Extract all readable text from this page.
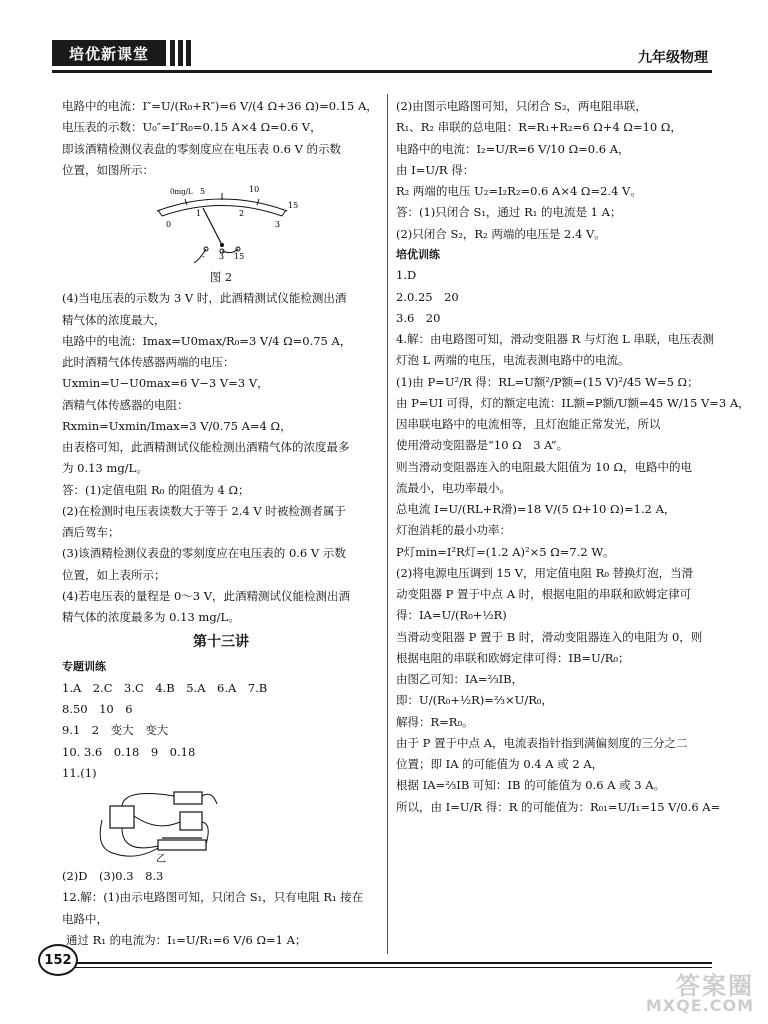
培优新课堂	九年级物理

电路中的电流：I″=U/(R₀+R″)=6 V/(4 Ω+36 Ω)=0.15 A，

电压表的示数：U₀″=I″R₀=0.15 A×4 Ω=0.6 V，

即该酒精检测仪表盘的零刻度应在电压表 0.6 V 的示数

位置，如图所示：

0mg/L 5	10
15
0
1	2
3
- 3 15

图 2

(4)当电压表的示数为 3 V 时，此酒精测试仪能检测出酒

精气体的浓度最大，

电路中的电流：Imax=U0max/R₀=3 V/4 Ω=0.75 A，

此时酒精气体传感器两端的电压：

Uxmin=U−U0max=6 V−3 V=3 V，

酒精气体传感器的电阻：

Rxmin=Uxmin/Imax=3 V/0.75 A=4 Ω，

由表格可知，此酒精测试仪能检测出酒精气体的浓度最多

为 0.13 mg/L。

答：(1)定值电阻 R₀ 的阻值为 4 Ω；

(2)在检测时电压表读数大于等于 2.4 V 时被检测者属于

酒后驾车；

(3)该酒精检测仪表盘的零刻度应在电压表的 0.6 V 示数

位置，如上表所示；

(4)若电压表的量程是 0～3 V，此酒精测试仪能检测出酒

精气体的浓度最多为 0.13 mg/L。

第十三讲
专题训练

1.A　2.C　3.C　4.B　5.A　6.A　7.B

8.50　10　6

9.1　2　变大　变大

10. 3.6　0.18　9　0.18

11.(1)

乙

(2)D　(3)0.3　8.3

12.解：(1)由示电路图可知，只闭合 S₁，只有电阻 R₁ 接在

电路中，

通过 R₁ 的电流为：I₁=U/R₁=6 V/6 Ω=1 A；

(2)由图示电路图可知，只闭合 S₂，两电阻串联，

R₁、R₂ 串联的总电阻：R=R₁+R₂=6 Ω+4 Ω=10 Ω，

电路中的电流：I₂=U/R=6 V/10 Ω=0.6 A，

由 I=U/R 得：

R₂ 两端的电压 U₂=I₂R₂=0.6 A×4 Ω=2.4 V。

答：(1)只闭合 S₁，通过 R₁ 的电流是 1 A；

(2)只闭合 S₂，R₂ 两端的电压是 2.4 V。

培优训练

1.D

2.0.25　20

3.6　20

4.解：由电路图可知，滑动变阻器 R 与灯泡 L 串联，电压表测

灯泡 L 两端的电压，电流表测电路中的电流。

(1)由 P=U²/R 得：RL=U额²/P额=(15 V)²/45 W=5 Ω；

由 P=UI 可得，灯的额定电流：IL额=P额/U额=45 W/15 V=3 A，

因串联电路中的电流相等，且灯泡能正常发光，所以

使用滑动变阻器是“10 Ω　3 A”。

则当滑动变阻器连入的电阻最大阻值为 10 Ω，电路中的电

流最小，电功率最小。

总电流 I=U/(RL+R滑)=18 V/(5 Ω+10 Ω)=1.2 A，

灯泡消耗的最小功率：

P灯min=I²R灯=(1.2 A)²×5 Ω=7.2 W。

(2)将电源电压调到 15 V，用定值电阻 R₀ 替换灯泡，当滑

动变阻器 P 置于中点 A 时，根据电阻的串联和欧姆定律可

得：IA=U/(R₀+½R)

当滑动变阻器 P 置于 B 时，滑动变阻器连入的电阻为 0，则

根据电阻的串联和欧姆定律可得：IB=U/R₀；

由图乙可知：IA=⅔IB，

即：U/(R₀+½R)=⅔×U/R₀，

解得：R=R₀。

由于 P 置于中点 A，电流表指针指到满偏刻度的三分之二

位置；即 IA 的可能值为 0.4 A 或 2 A，

根据 IA=⅔IB 可知：IB 的可能值为 0.6 A 或 3 A。

所以，由 I=U/R 得：R 的可能值为：R₀₁=U/I₁=15 V/0.6 A=

152
答案圈
MXQE.COM
